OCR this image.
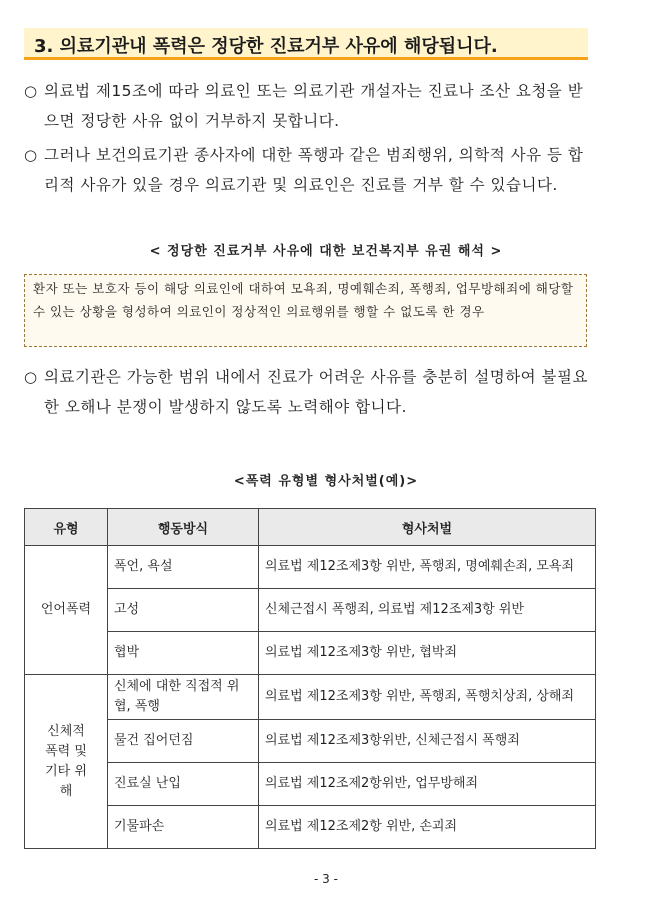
3. 의료기관내 폭력은 정당한 진료거부 사유에 해당됩니다.
○ 의료법 제15조에 따라 의료인 또는 의료기관 개설자는 진료나 조산 요청을 받으면 정당한 사유 없이 거부하지 못합니다.
○ 그러나 보건의료기관 종사자에 대한 폭행과 같은 범죄행위, 의학적 사유 등 합리적 사유가 있을 경우 의료기관 및 의료인은 진료를 거부 할 수 있습니다.
< 정당한 진료거부 사유에 대한 보건복지부 유권 해석 >
환자 또는 보호자 등이 해당 의료인에 대하여 모욕죄, 명예훼손죄, 폭행죄, 업무방해죄에 해당할 수 있는 상황을 형성하여 의료인이 정상적인 의료행위를 행할 수 없도록 한 경우
○ 의료기관은 가능한 범위 내에서 진료가 어려운 사유를 충분히 설명하여 불필요한 오해나 분쟁이 발생하지 않도록 노력해야 합니다.
<폭력 유형별 형사처벌(예)>
유형	행동방식	형사처벌
언어폭력	폭언, 욕설	의료법 제12조제3항 위반, 폭행죄, 명예훼손죄, 모욕죄
	고성	신체근접시 폭행죄, 의료법 제12조제3항 위반
	협박	의료법 제12조제3항 위반, 협박죄
신체적 폭력 및 기타 위해	신체에 대한 직접적 위협, 폭행	의료법 제12조제3항 위반, 폭행죄, 폭행치상죄, 상해죄
	물건 집어던짐	의료법 제12조제3항위반, 신체근접시 폭행죄
	진료실 난입	의료법 제12조제2항위반, 업무방해죄
	기물파손	의료법 제12조제2항 위반, 손괴죄
- 3 -
